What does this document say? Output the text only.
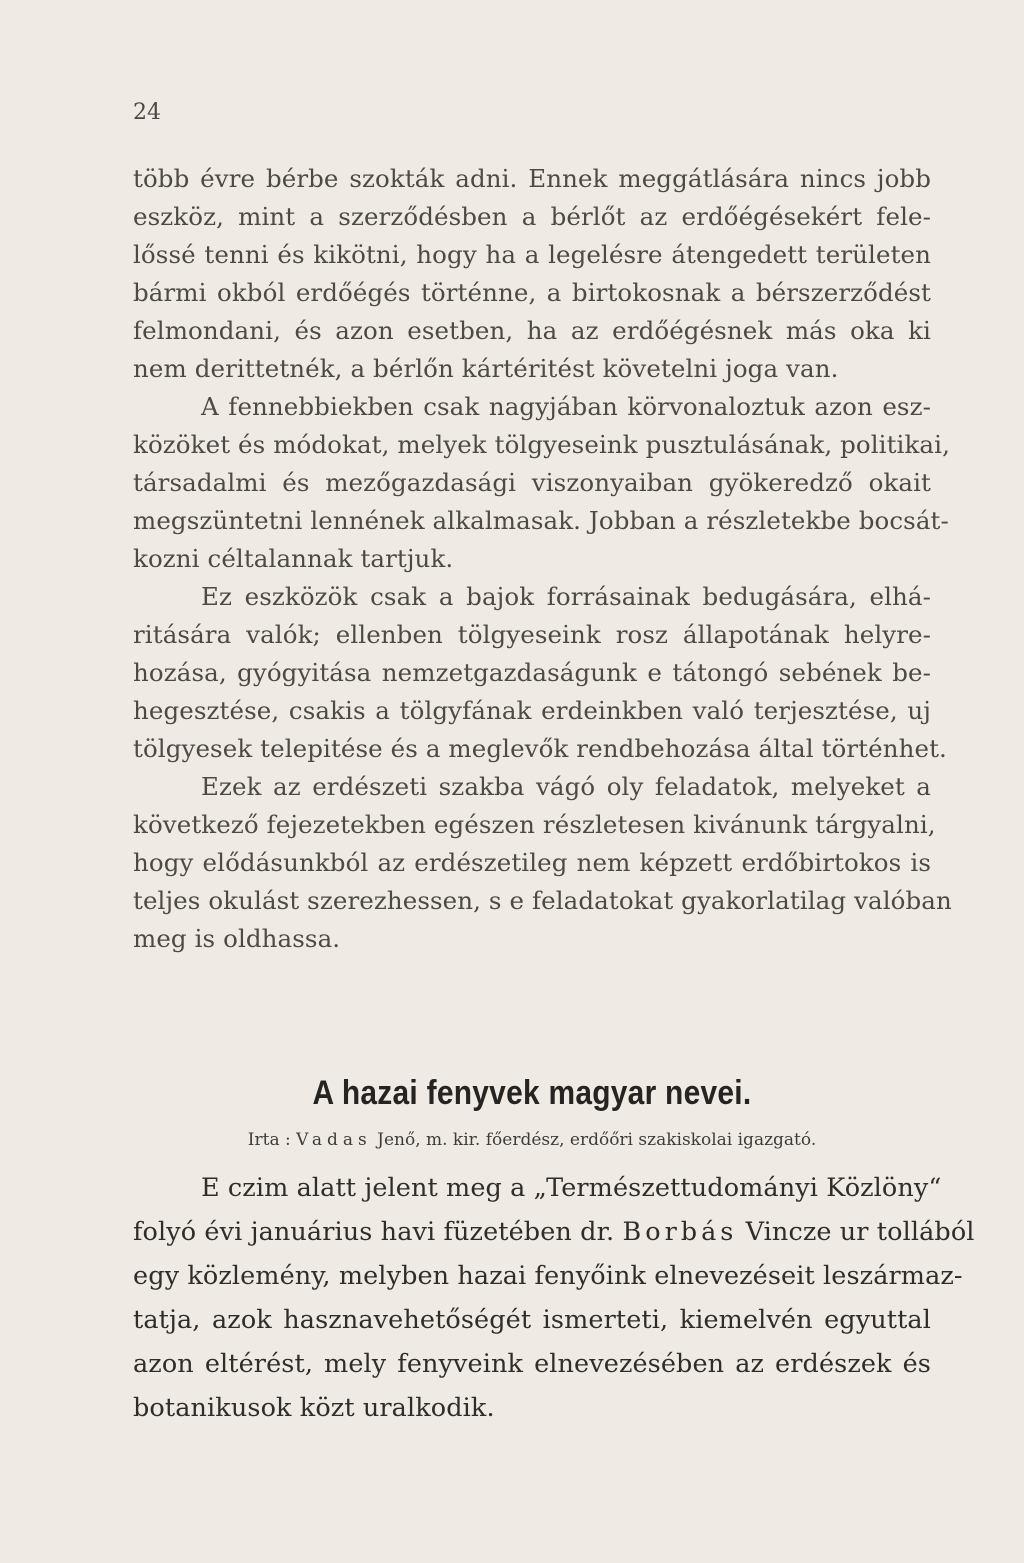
24
több évre bérbe szokták adni. Ennek meggátlására nincs jobb
eszköz, mint a szerződésben a bérlőt az erdőégésekért fele-
lőssé tenni és kikötni, hogy ha a legelésre átengedett területen
bármi okból erdőégés történne, a birtokosnak a bérszerződést
felmondani, és azon esetben, ha az erdőégésnek más oka ki
nem derittetnék, a bérlőn kártéritést követelni joga van.
A fennebbiekben csak nagyjában körvonaloztuk azon esz-
közöket és módokat, melyek tölgyeseink pusztulásának, politikai,
társadalmi és mezőgazdasági viszonyaiban gyökeredző okait
megszüntetni lennének alkalmasak. Jobban a részletekbe bocsát-
kozni céltalannak tartjuk.
Ez eszközök csak a bajok forrásainak bedugására, elhá-
ritására valók; ellenben tölgyeseink rosz állapotának helyre-
hozása, gyógyitása nemzetgazdaságunk e tátongó sebének be-
hegesztése, csakis a tölgyfának erdeinkben való terjesztése, uj
tölgyesek telepitése és a meglevők rendbehozása által történhet.
Ezek az erdészeti szakba vágó oly feladatok, melyeket a
következő fejezetekben egészen részletesen kivánunk tárgyalni,
hogy elődásunkból az erdészetileg nem képzett erdőbirtokos is
teljes okulást szerezhessen, s e feladatokat gyakorlatilag valóban
meg is oldhassa.
A hazai fenyvek magyar nevei.
Irta : Vadas Jenő, m. kir. főerdész, erdőőri szakiskolai igazgató.
E czim alatt jelent meg a „Természettudományi Közlöny“
folyó évi januárius havi füzetében dr. Borbás Vincze ur tollából
egy közlemény, melyben hazai fenyőink elnevezéseit leszármaz-
tatja, azok hasznavehetőségét ismerteti, kiemelvén egyuttal
azon eltérést, mely fenyveink elnevezésében az erdészek és
botanikusok közt uralkodik.
